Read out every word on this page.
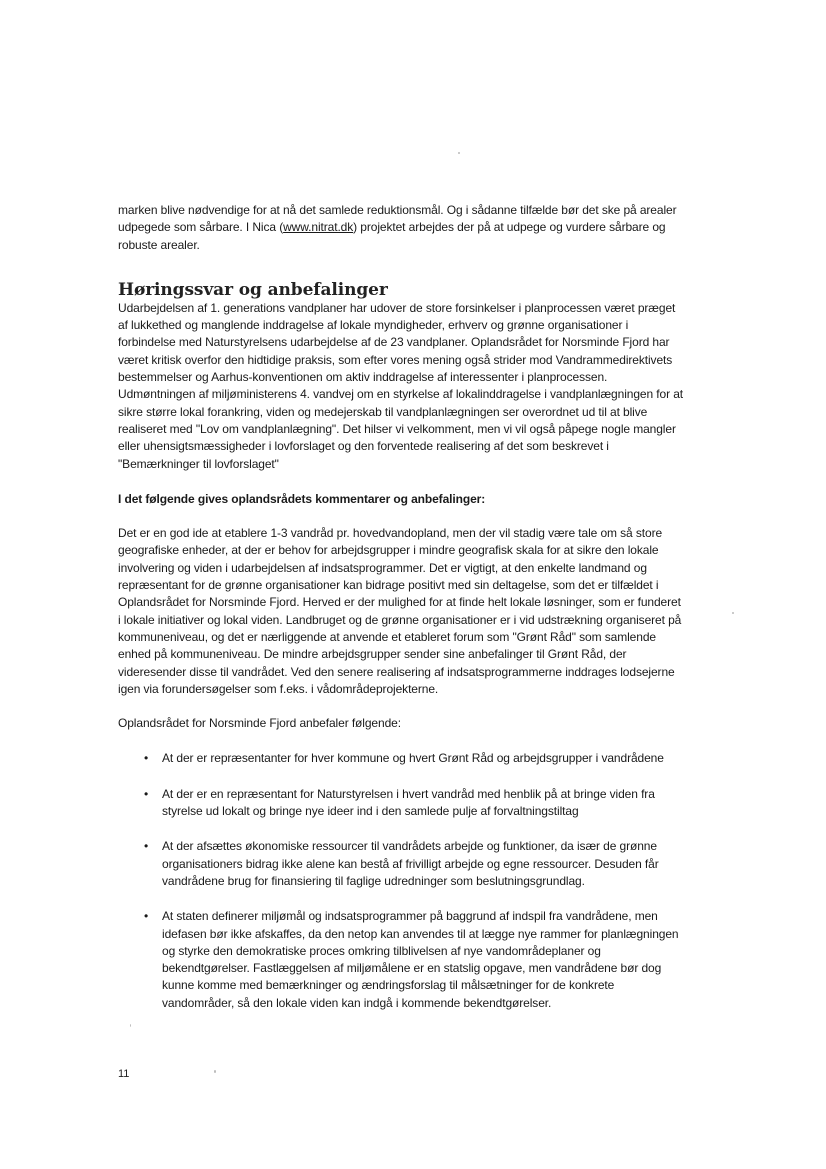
marken blive nødvendige for at nå det samlede reduktionsmål. Og i sådanne tilfælde bør det ske på arealer
udpegede som sårbare. I Nica (www.nitrat.dk) projektet arbejdes der på at udpege og vurdere sårbare og
robuste arealer.

Høringssvar og anbefalinger

Udarbejdelsen af 1. generations vandplaner har udover de store forsinkelser i planprocessen været præget
af lukkethed og manglende inddragelse af lokale myndigheder, erhverv og grønne organisationer i
forbindelse med Naturstyrelsens udarbejdelse af de 23 vandplaner. Oplandsrådet for Norsminde Fjord har
været kritisk overfor den hidtidige praksis, som efter vores mening også strider mod Vandrammedirektivets
bestemmelser og Aarhus-konventionen om aktiv inddragelse af interessenter i planprocessen.
Udmøntningen af miljøministerens 4. vandvej om en styrkelse af lokalinddragelse i vandplanlægningen for at
sikre større lokal forankring, viden og medejerskab til vandplanlægningen ser overordnet ud til at blive
realiseret med "Lov om vandplanlægning". Det hilser vi velkomment, men vi vil også påpege nogle mangler
eller uhensigtsmæssigheder i lovforslaget og den forventede realisering af det som beskrevet i
"Bemærkninger til lovforslaget"

I det følgende gives oplandsrådets kommentarer og anbefalinger:

Det er en god ide at etablere 1-3 vandråd pr. hovedvandopland, men der vil stadig være tale om så store
geografiske enheder, at der er behov for arbejdsgrupper i mindre geografisk skala for at sikre den lokale
involvering og viden i udarbejdelsen af indsatsprogrammer. Det er vigtigt, at den enkelte landmand og
repræsentant for de grønne organisationer kan bidrage positivt med sin deltagelse, som det er tilfældet i
Oplandsrådet for Norsminde Fjord. Herved er der mulighed for at finde helt lokale løsninger, som er funderet
i lokale initiativer og lokal viden. Landbruget og de grønne organisationer er i vid udstrækning organiseret på
kommuneniveau, og det er nærliggende at anvende et etableret forum som "Grønt Råd" som samlende
enhed på kommuneniveau. De mindre arbejdsgrupper sender sine anbefalinger til Grønt Råd, der
videresender disse til vandrådet. Ved den senere realisering af indsatsprogrammerne inddrages lodsejerne
igen via forundersøgelser som f.eks. i vådområdeprojekterne.

Oplandsrådet for Norsminde Fjord anbefaler følgende:

• At der er repræsentanter for hver kommune og hvert Grønt Råd og arbejdsgrupper i vandrådene
• At der er en repræsentant for Naturstyrelsen i hvert vandråd med henblik på at bringe viden fra
styrelse ud lokalt og bringe nye ideer ind i den samlede pulje af forvaltningstiltag
• At der afsættes økonomiske ressourcer til vandrådets arbejde og funktioner, da især de grønne
organisationers bidrag ikke alene kan bestå af frivilligt arbejde og egne ressourcer. Desuden får
vandrådene brug for finansiering til faglige udredninger som beslutningsgrundlag.
• At staten definerer miljømål og indsatsprogrammer på baggrund af indspil fra vandrådene, men
idefasen bør ikke afskaffes, da den netop kan anvendes til at lægge nye rammer for planlægningen
og styrke den demokratiske proces omkring tilblivelsen af nye vandområdeplaner og
bekendtgørelser. Fastlæggelsen af miljømålene er en statslig opgave, men vandrådene bør dog
kunne komme med bemærkninger og ændringsforslag til målsætninger for de konkrete
vandområder, så den lokale viden kan indgå i kommende bekendtgørelser.
11
